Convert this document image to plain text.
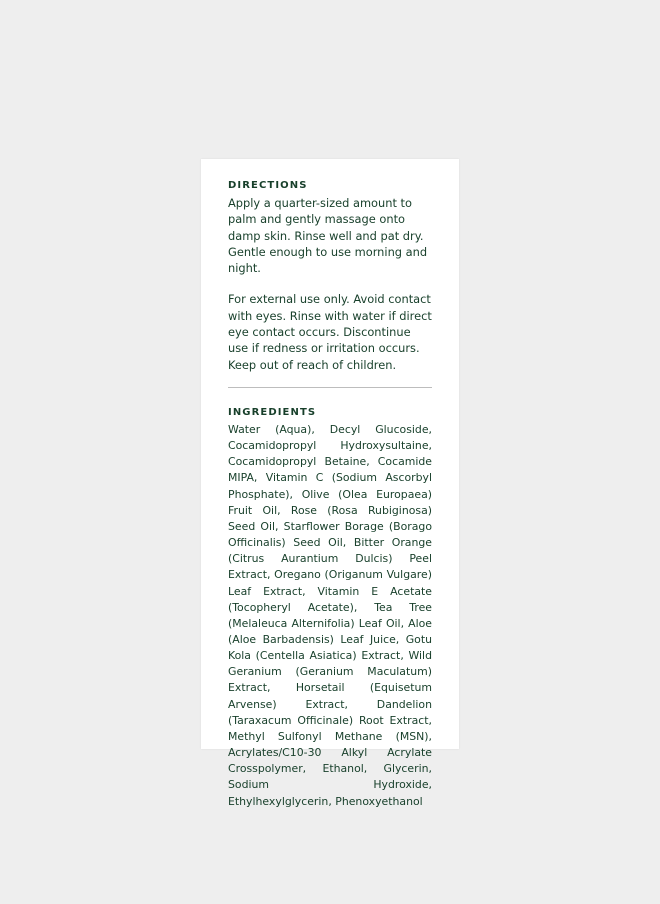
DIRECTIONS

Apply a quarter-sized amount to palm and gently massage onto damp skin. Rinse well and pat dry. Gentle enough to use morning and night.

For external use only. Avoid contact with eyes. Rinse with water if direct eye contact occurs. Discontinue use if redness or irritation occurs. Keep out of reach of children.

INGREDIENTS

Water (Aqua), Decyl Glucoside, Cocamidopropyl Hydroxysultaine, Cocamidopropyl Betaine, Cocamide MIPA, Vitamin C (Sodium Ascorbyl Phosphate), Olive (Olea Europaea) Fruit Oil, Rose (Rosa Rubiginosa) Seed Oil, Starflower Borage (Borago Officinalis) Seed Oil, Bitter Orange (Citrus Aurantium Dulcis) Peel Extract, Oregano (Origanum Vulgare) Leaf Extract, Vitamin E Acetate (Tocopheryl Acetate), Tea Tree (Melaleuca Alternifolia) Leaf Oil, Aloe (Aloe Barbadensis) Leaf Juice, Gotu Kola (Centella Asiatica) Extract, Wild Geranium (Geranium Maculatum) Extract, Horsetail (Equisetum Arvense) Extract, Dandelion (Taraxacum Officinale) Root Extract, Methyl Sulfonyl Methane (MSN), Acrylates/C10-30 Alkyl Acrylate Crosspolymer, Ethanol, Glycerin, Sodium Hydroxide, Ethylhexylglycerin, Phenoxyethanol
